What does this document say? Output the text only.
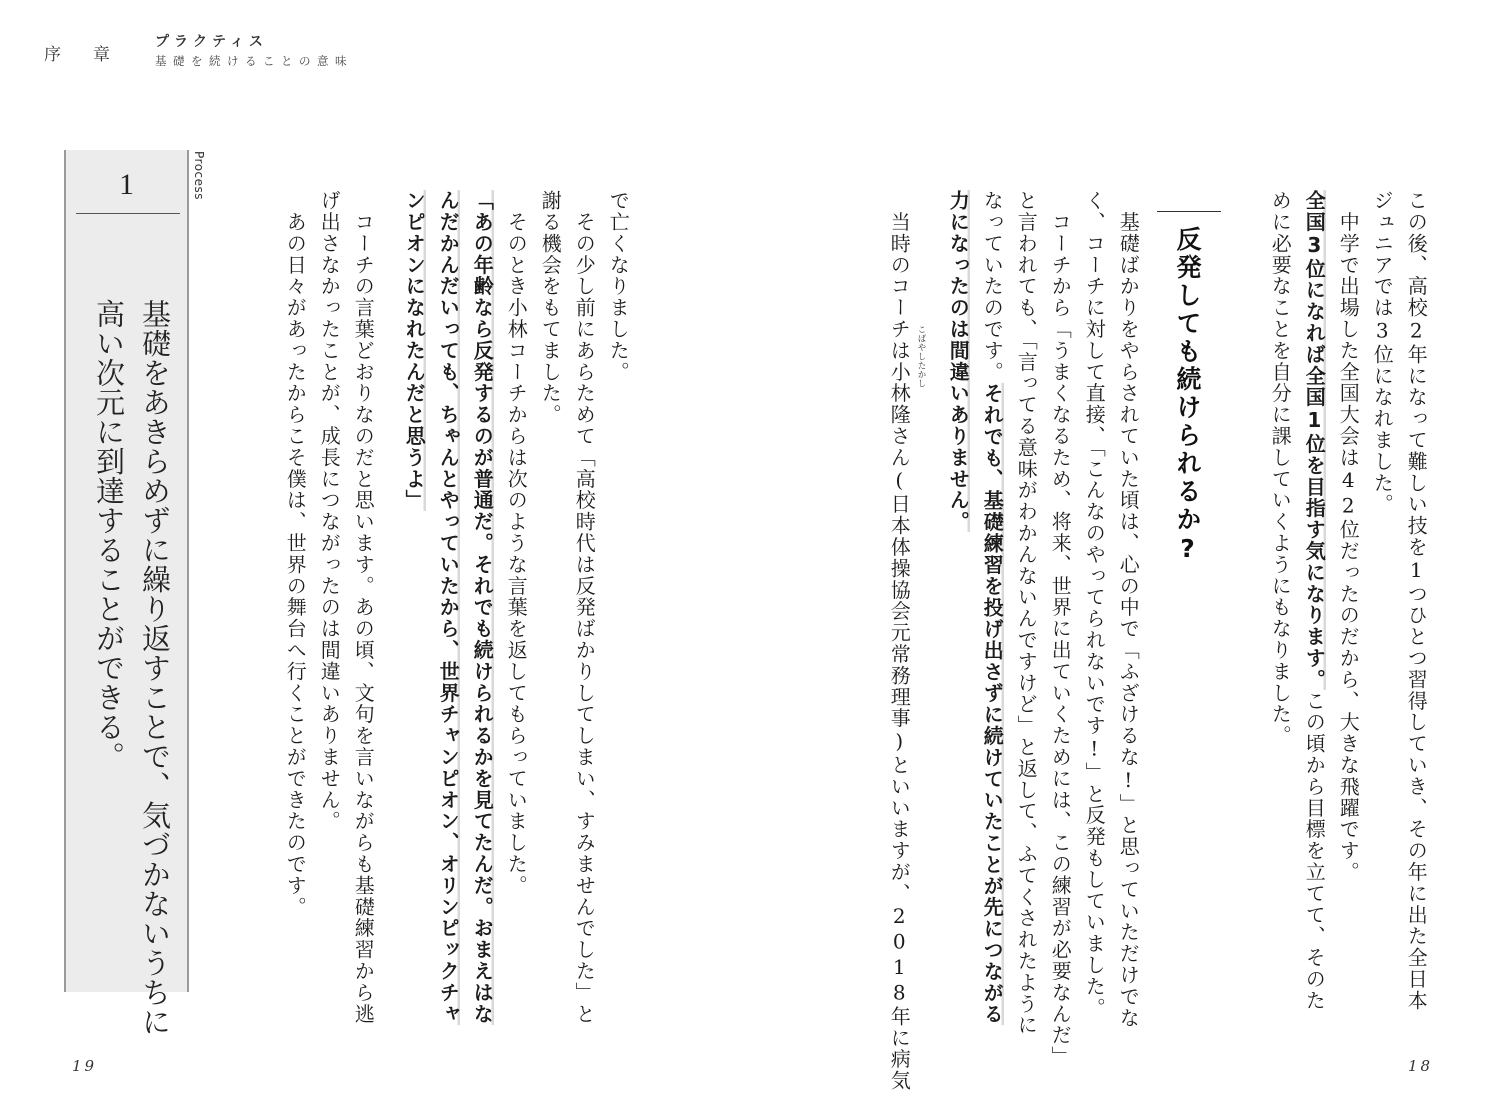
序章
プラクティス
基礎を続けることの意味
1

基礎をあきらめずに繰り返すことで、気づかないうちに
高い次元に到達することができる。

Process
反発しても続けられるか?	この後、高校2年になって難しい技を1つひとつ習得していき、その年に出た全日本
ジュニアでは3位になれました。
　中学で出場した全国大会は42位だったのだから、大きな飛躍です。
全国3位になれば全国1位を目指す気になります。この頃から目標を立てて、そのた
めに必要なことを自分に課していくようにもなりました。
　基礎ばかりをやらされていた頃は、心の中で「ふざけるな!」と思っていただけでな
く、コーチに対して直接、「こんなのやってられないです!」と反発もしていました。
　コーチから「うまくなるため、将来、世界に出ていくためには、この練習が必要なんだ」
と言われても、「言ってる意味がわかんないんですけど」と返して、ふてくされたように
なっていたのです。それでも、基礎練習を投げ出さずに続けていたことが先につながる
力になったのは間違いありません。
　当時のコーチは小林隆さん(日本体操協会元常務理事)といいますが、2018年に病気
で亡くなりました。
　その少し前にあらためて「高校時代は反発ばかりしてしまい、すみませんでした」と
謝る機会をもてました。
　そのとき小林コーチからは次のような言葉を返してもらっていました。
「あの年齢なら反発するのが普通だ。それでも続けられるかを見てたんだ。おまえはな
んだかんだいっても、ちゃんとやっていたから、世界チャンピオン、オリンピックチャ
ンピオンになれたんだと思うよ」
　コーチの言葉どおりなのだと思います。あの頃、文句を言いながらも基礎練習から逃
げ出さなかったことが、成長につながったのは間違いありません。
　あの日々があったからこそ僕は、世界の舞台へ行くことができたのです。
19	18
こばやしたかし
